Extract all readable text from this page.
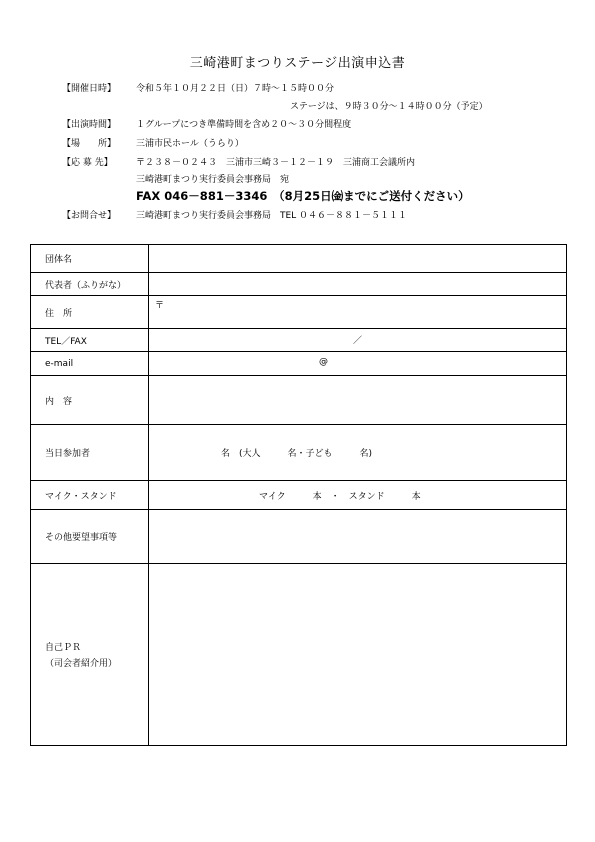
三崎港町まつりステージ出演申込書
【開催日時】 令和５年１０月２２日（日）７時～１５時００分
ステージは、９時３０分～１４時００分（予定）
【出演時間】 １グループにつき準備時間を含め２０～３０分間程度
【場　　所】 三浦市民ホール（うらり）
【応 募 先】	〒２３８－０２４３　三浦市三崎３－１２－１９　三浦商工会議所内
三崎港町まつり実行委員会事務局　宛
FAX 046－881－3346　（8月25日㈮までにご送付ください）
【お問合せ】 三崎港町まつり実行委員会事務局　TEL ０４６－８８１－５１１１
団体名	
代表者（ふりがな）	
住　所	〒

TEL／FAX	／

e-mail	@

内　容	
当日参加者	名　(大人　　　名・子ども　　　名)

マイク・スタンド	マイク　　　本　・　スタンド　　　本

その他要望事項等	

自己ＰＲ
（司会者紹介用）	
